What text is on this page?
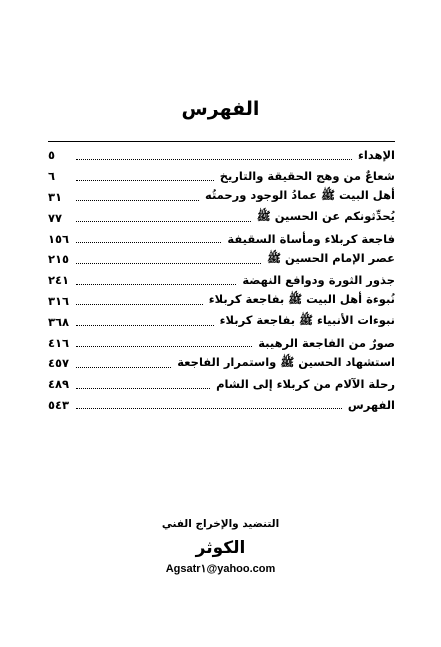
الفهرس
الإهداء
٥
شعاعٌ من وهج الحقيقة والتاريخ
٦
أهل البيت ﷺ عمادُ الوجود ورحمتُه
٣١
يُحدِّثونكم عن الحسين ﷺ
٧٧
فاجعة كربلاء ومأساة السقيفة
١٥٦
عصر الإمام الحسين ﷺ
٢١٥
جذور الثورة ودوافع النهضة
٢٤١
نُبوءة أهل البيت ﷺ بفاجعة كربلاء
٣١٦
نبوءات الأنبياء ﷺ بفاجعة كربلاء
٣٦٨
صورٌ من الفاجعة الرهيبة
٤١٦
استشهاد الحسين ﷺ واستمرار الفاجعة
٤٥٧
رحلة الآلام من كربلاء إلى الشام
٤٨٩
الفهرس
٥٤٣
التنضيد والإخراج الفني
الكوثر
Agsatr١@yahoo.com
